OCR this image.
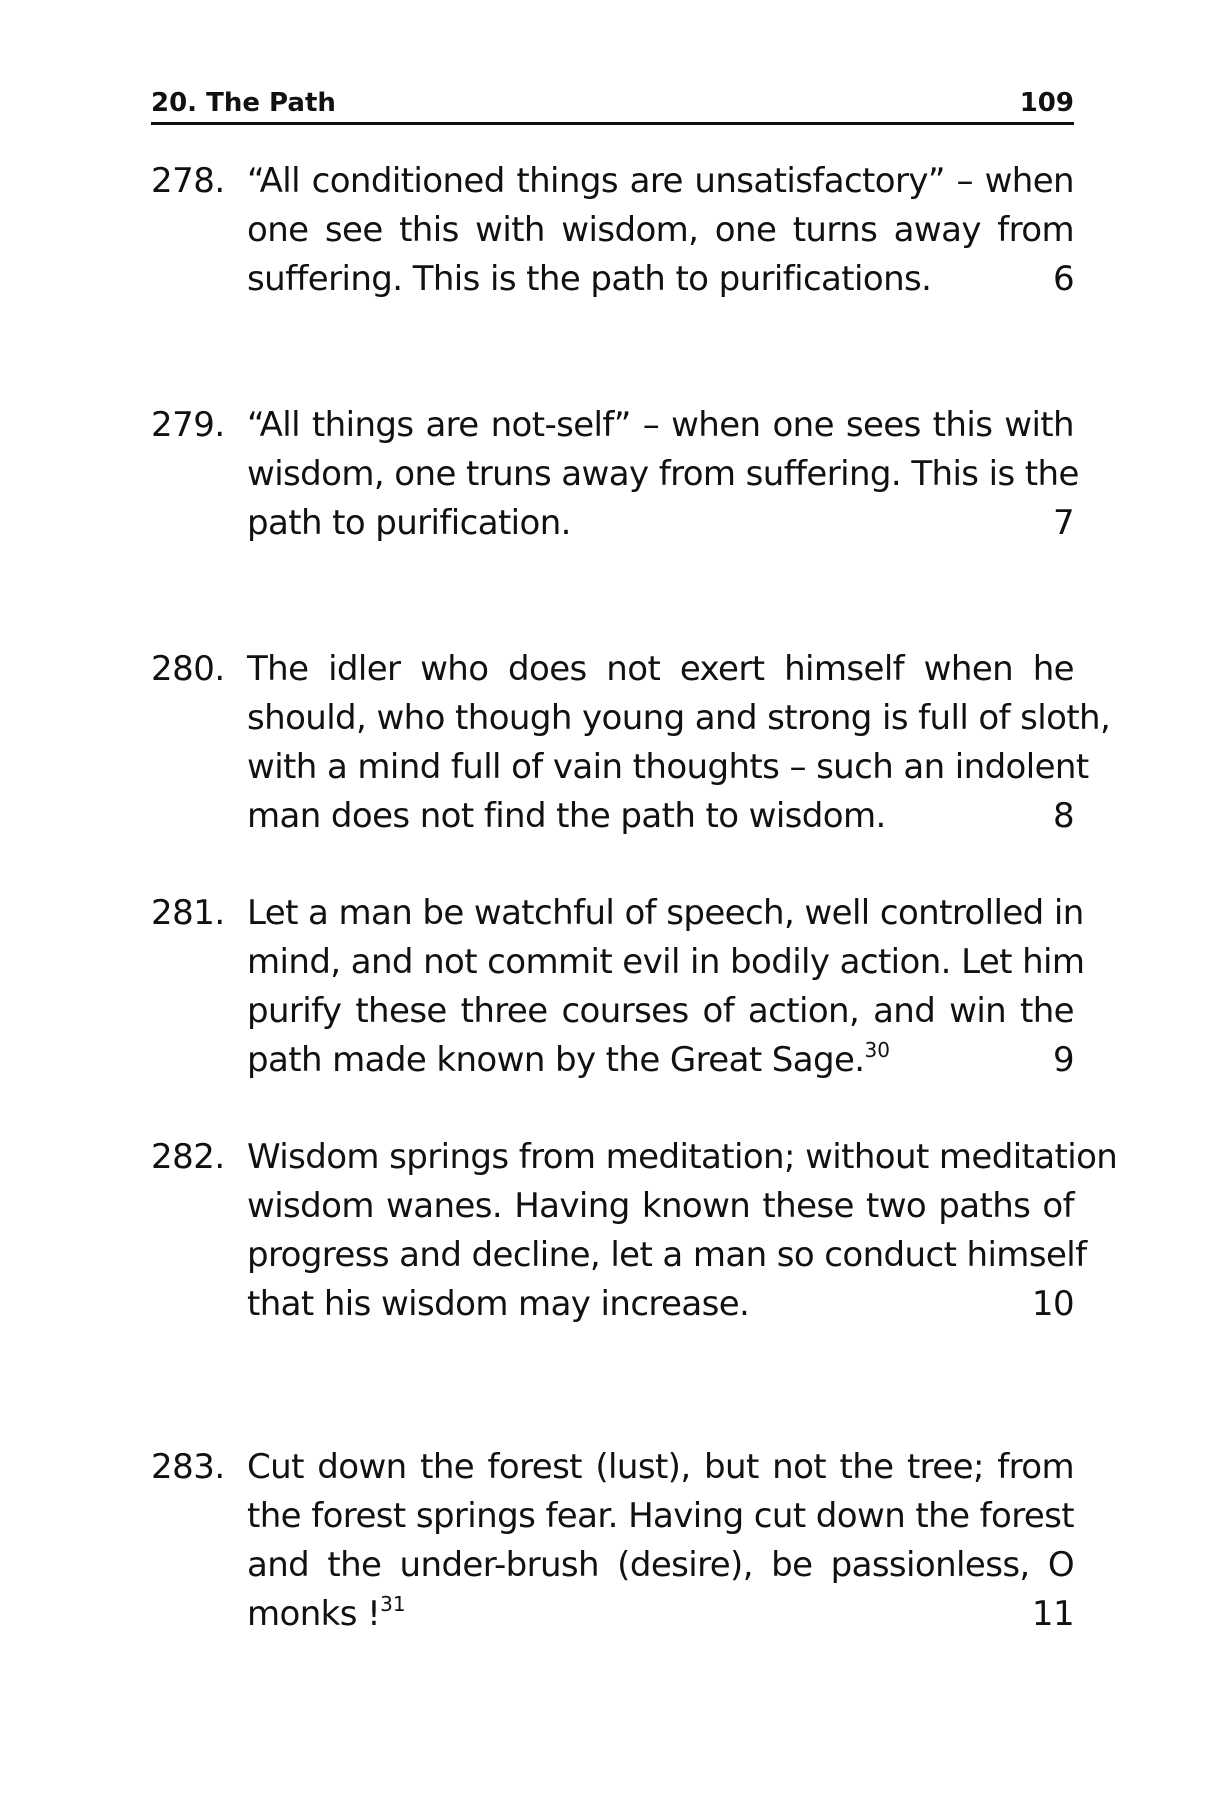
20. The Path	109
278. “All conditioned things are unsatisfactory” – when
one see this with wisdom, one turns away from
suffering. This is the path to purifications.	6
279. “All things are not-self” – when one sees this with
wisdom, one truns away from suffering. This is the
path to purification.	7
280. The idler who does not exert himself when he
should, who though young and strong is full of sloth,
with a mind full of vain thoughts – such an indolent
man does not find the path to wisdom.	8
281. Let a man be watchful of speech, well controlled in
mind, and not commit evil in bodily action. Let him
purify these three courses of action, and win the
path made known by the Great Sage.$^{30}$	9
282. Wisdom springs from meditation; without meditation
wisdom wanes. Having known these two paths of
progress and decline, let a man so conduct himself
that his wisdom may increase.	10
283. Cut down the forest (lust), but not the tree; from
the forest springs fear. Having cut down the forest
and the under-brush (desire), be passionless, O
monks !$^{31}$	11
